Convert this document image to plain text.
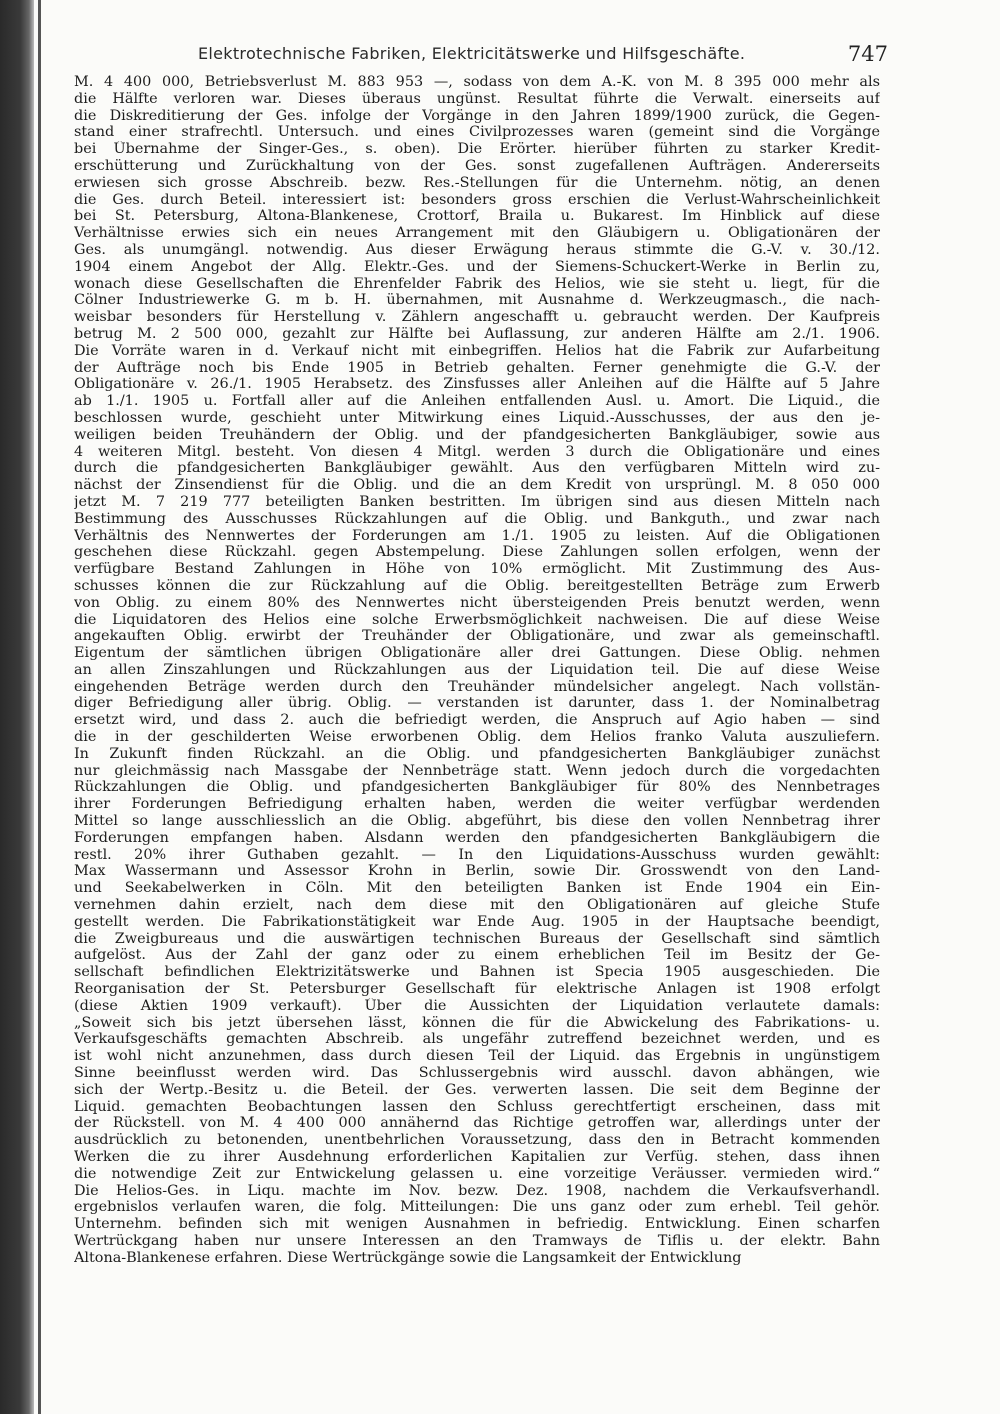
Elektrotechnische Fabriken, Elektricitätswerke und Hilfsgeschäfte.	747
M. 4 400 000, Betriebsverlust M. 883 953 —, sodass von dem A.-K. von M. 8 395 000 mehr als
die Hälfte verloren war. Dieses überaus ungünst. Resultat führte die Verwalt. einerseits auf
die Diskreditierung der Ges. infolge der Vorgänge in den Jahren 1899/1900 zurück, die Gegen-
stand einer strafrechtl. Untersuch. und eines Civilprozesses waren (gemeint sind die Vorgänge
bei Übernahme der Singer-Ges., s. oben). Die Erörter. hierüber führten zu starker Kredit-
erschütterung und Zurückhaltung von der Ges. sonst zugefallenen Aufträgen. Andererseits
erwiesen sich grosse Abschreib. bezw. Res.-Stellungen für die Unternehm. nötig, an denen
die Ges. durch Beteil. interessiert ist: besonders gross erschien die Verlust-Wahrscheinlichkeit
bei St. Petersburg, Altona-Blankenese, Crottorf, Braila u. Bukarest. Im Hinblick auf diese
Verhältnisse erwies sich ein neues Arrangement mit den Gläubigern u. Obligationären der
Ges. als unumgängl. notwendig. Aus dieser Erwägung heraus stimmte die G.-V. v. 30./12.
1904 einem Angebot der Allg. Elektr.-Ges. und der Siemens-Schuckert-Werke in Berlin zu,
wonach diese Gesellschaften die Ehrenfelder Fabrik des Helios, wie sie steht u. liegt, für die
Cölner Industriewerke G. m b. H. übernahmen, mit Ausnahme d. Werkzeugmasch., die nach-
weisbar besonders für Herstellung v. Zählern angeschafft u. gebraucht werden. Der Kaufpreis
betrug M. 2 500 000, gezahlt zur Hälfte bei Auflassung, zur anderen Hälfte am 2./1. 1906.
Die Vorräte waren in d. Verkauf nicht mit einbegriffen. Helios hat die Fabrik zur Aufarbeitung
der Aufträge noch bis Ende 1905 in Betrieb gehalten. Ferner genehmigte die G.-V. der
Obligationäre v. 26./1. 1905 Herabsetz. des Zinsfusses aller Anleihen auf die Hälfte auf 5 Jahre
ab 1./1. 1905 u. Fortfall aller auf die Anleihen entfallenden Ausl. u. Amort. Die Liquid., die
beschlossen wurde, geschieht unter Mitwirkung eines Liquid.-Ausschusses, der aus den je-
weiligen beiden Treuhändern der Oblig. und der pfandgesicherten Bankgläubiger, sowie aus
4 weiteren Mitgl. besteht. Von diesen 4 Mitgl. werden 3 durch die Obligationäre und eines
durch die pfandgesicherten Bankgläubiger gewählt. Aus den verfügbaren Mitteln wird zu-
nächst der Zinsendienst für die Oblig. und die an dem Kredit von ursprüngl. M. 8 050 000
jetzt M. 7 219 777 beteiligten Banken bestritten. Im übrigen sind aus diesen Mitteln nach
Bestimmung des Ausschusses Rückzahlungen auf die Oblig. und Bankguth., und zwar nach
Verhältnis des Nennwertes der Forderungen am 1./1. 1905 zu leisten. Auf die Obligationen
geschehen diese Rückzahl. gegen Abstempelung. Diese Zahlungen sollen erfolgen, wenn der
verfügbare Bestand Zahlungen in Höhe von 10% ermöglicht. Mit Zustimmung des Aus-
schusses können die zur Rückzahlung auf die Oblig. bereitgestellten Beträge zum Erwerb
von Oblig. zu einem 80% des Nennwertes nicht übersteigenden Preis benutzt werden, wenn
die Liquidatoren des Helios eine solche Erwerbsmöglichkeit nachweisen. Die auf diese Weise
angekauften Oblig. erwirbt der Treuhänder der Obligationäre, und zwar als gemeinschaftl.
Eigentum der sämtlichen übrigen Obligationäre aller drei Gattungen. Diese Oblig. nehmen
an allen Zinszahlungen und Rückzahlungen aus der Liquidation teil. Die auf diese Weise
eingehenden Beträge werden durch den Treuhänder mündelsicher angelegt. Nach vollstän-
diger Befriedigung aller übrig. Oblig. — verstanden ist darunter, dass 1. der Nominalbetrag
ersetzt wird, und dass 2. auch die befriedigt werden, die Anspruch auf Agio haben — sind
die in der geschilderten Weise erworbenen Oblig. dem Helios franko Valuta auszuliefern.
In Zukunft finden Rückzahl. an die Oblig. und pfandgesicherten Bankgläubiger zunächst
nur gleichmässig nach Massgabe der Nennbeträge statt. Wenn jedoch durch die vorgedachten
Rückzahlungen die Oblig. und pfandgesicherten Bankgläubiger für 80% des Nennbetrages
ihrer Forderungen Befriedigung erhalten haben, werden die weiter verfügbar werdenden
Mittel so lange ausschliesslich an die Oblig. abgeführt, bis diese den vollen Nennbetrag ihrer
Forderungen empfangen haben. Alsdann werden den pfandgesicherten Bankgläubigern die
restl. 20% ihrer Guthaben gezahlt. — In den Liquidations-Ausschuss wurden gewählt:
Max Wassermann und Assessor Krohn in Berlin, sowie Dir. Grosswendt von den Land-
und Seekabelwerken in Cöln. Mit den beteiligten Banken ist Ende 1904 ein Ein-
vernehmen dahin erzielt, nach dem diese mit den Obligationären auf gleiche Stufe
gestellt werden. Die Fabrikationstätigkeit war Ende Aug. 1905 in der Hauptsache beendigt,
die Zweigbureaus und die auswärtigen technischen Bureaus der Gesellschaft sind sämtlich
aufgelöst. Aus der Zahl der ganz oder zu einem erheblichen Teil im Besitz der Ge-
sellschaft befindlichen Elektrizitätswerke und Bahnen ist Specia 1905 ausgeschieden. Die
Reorganisation der St. Petersburger Gesellschaft für elektrische Anlagen ist 1908 erfolgt
(diese Aktien 1909 verkauft). Über die Aussichten der Liquidation verlautete damals:
„Soweit sich bis jetzt übersehen lässt, können die für die Abwickelung des Fabrikations- u.
Verkaufsgeschäfts gemachten Abschreib. als ungefähr zutreffend bezeichnet werden, und es
ist wohl nicht anzunehmen, dass durch diesen Teil der Liquid. das Ergebnis in ungünstigem
Sinne beeinflusst werden wird. Das Schlussergebnis wird ausschl. davon abhängen, wie
sich der Wertp.-Besitz u. die Beteil. der Ges. verwerten lassen. Die seit dem Beginne der
Liquid. gemachten Beobachtungen lassen den Schluss gerechtfertigt erscheinen, dass mit
der Rückstell. von M. 4 400 000 annähernd das Richtige getroffen war, allerdings unter der
ausdrücklich zu betonenden, unentbehrlichen Voraussetzung, dass den in Betracht kommenden
Werken die zu ihrer Ausdehnung erforderlichen Kapitalien zur Verfüg. stehen, dass ihnen
die notwendige Zeit zur Entwickelung gelassen u. eine vorzeitige Veräusser. vermieden wird.“
Die Helios-Ges. in Liqu. machte im Nov. bezw. Dez. 1908, nachdem die Verkaufsverhandl.
ergebnislos verlaufen waren, die folg. Mitteilungen: Die uns ganz oder zum erhebl. Teil gehör.
Unternehm. befinden sich mit wenigen Ausnahmen in befriedig. Entwicklung. Einen scharfen
Wertrückgang haben nur unsere Interessen an den Tramways de Tiflis u. der elektr. Bahn
Altona-Blankenese erfahren. Diese Wertrückgänge sowie die Langsamkeit der Entwicklung
